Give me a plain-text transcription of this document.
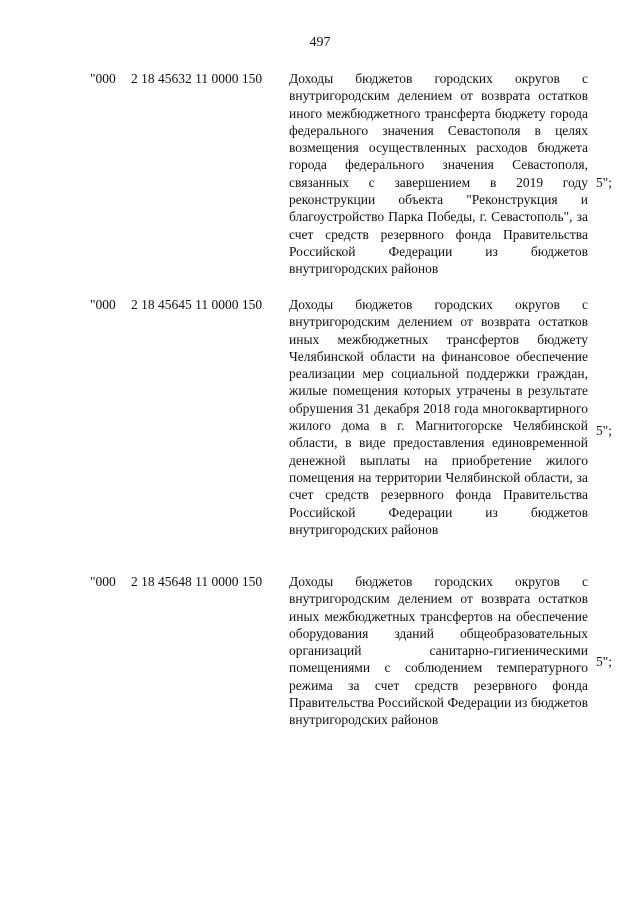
497
"000 2 18 45632 11 0000 150 Доходы бюджетов городских округов с внутригородским делением от возврата остатков иного межбюджетного трансферта бюджету города федерального значения Севастополя в целях возмещения осуществленных расходов бюджета города федерального значения Севастополя, связанных с завершением в 2019 году реконструкции объекта "Реконструкция и благоустройство Парка Победы, г. Севастополь", за счет средств резервного фонда Правительства Российской Федерации из бюджетов внутригородских районов
5";
"000 2 18 45645 11 0000 150 Доходы бюджетов городских округов с внутригородским делением от возврата остатков иных межбюджетных трансфертов бюджету Челябинской области на финансовое обеспечение реализации мер социальной поддержки граждан, жилые помещения которых утрачены в результате обрушения 31 декабря 2018 года многоквартирного жилого дома в г. Магнитогорске Челябинской области, в виде предоставления единовременной денежной выплаты на приобретение жилого помещения на территории Челябинской области, за счет средств резервного фонда Правительства Российской Федерации из бюджетов внутригородских районов
5";
"000 2 18 45648 11 0000 150 Доходы бюджетов городских округов с внутригородским делением от возврата остатков иных межбюджетных трансфертов на обеспечение оборудования зданий общеобразовательных организаций санитарно-гигиеническими помещениями с соблюдением температурного режима за счет средств резервного фонда Правительства Российской Федерации из бюджетов внутригородских районов
5";
